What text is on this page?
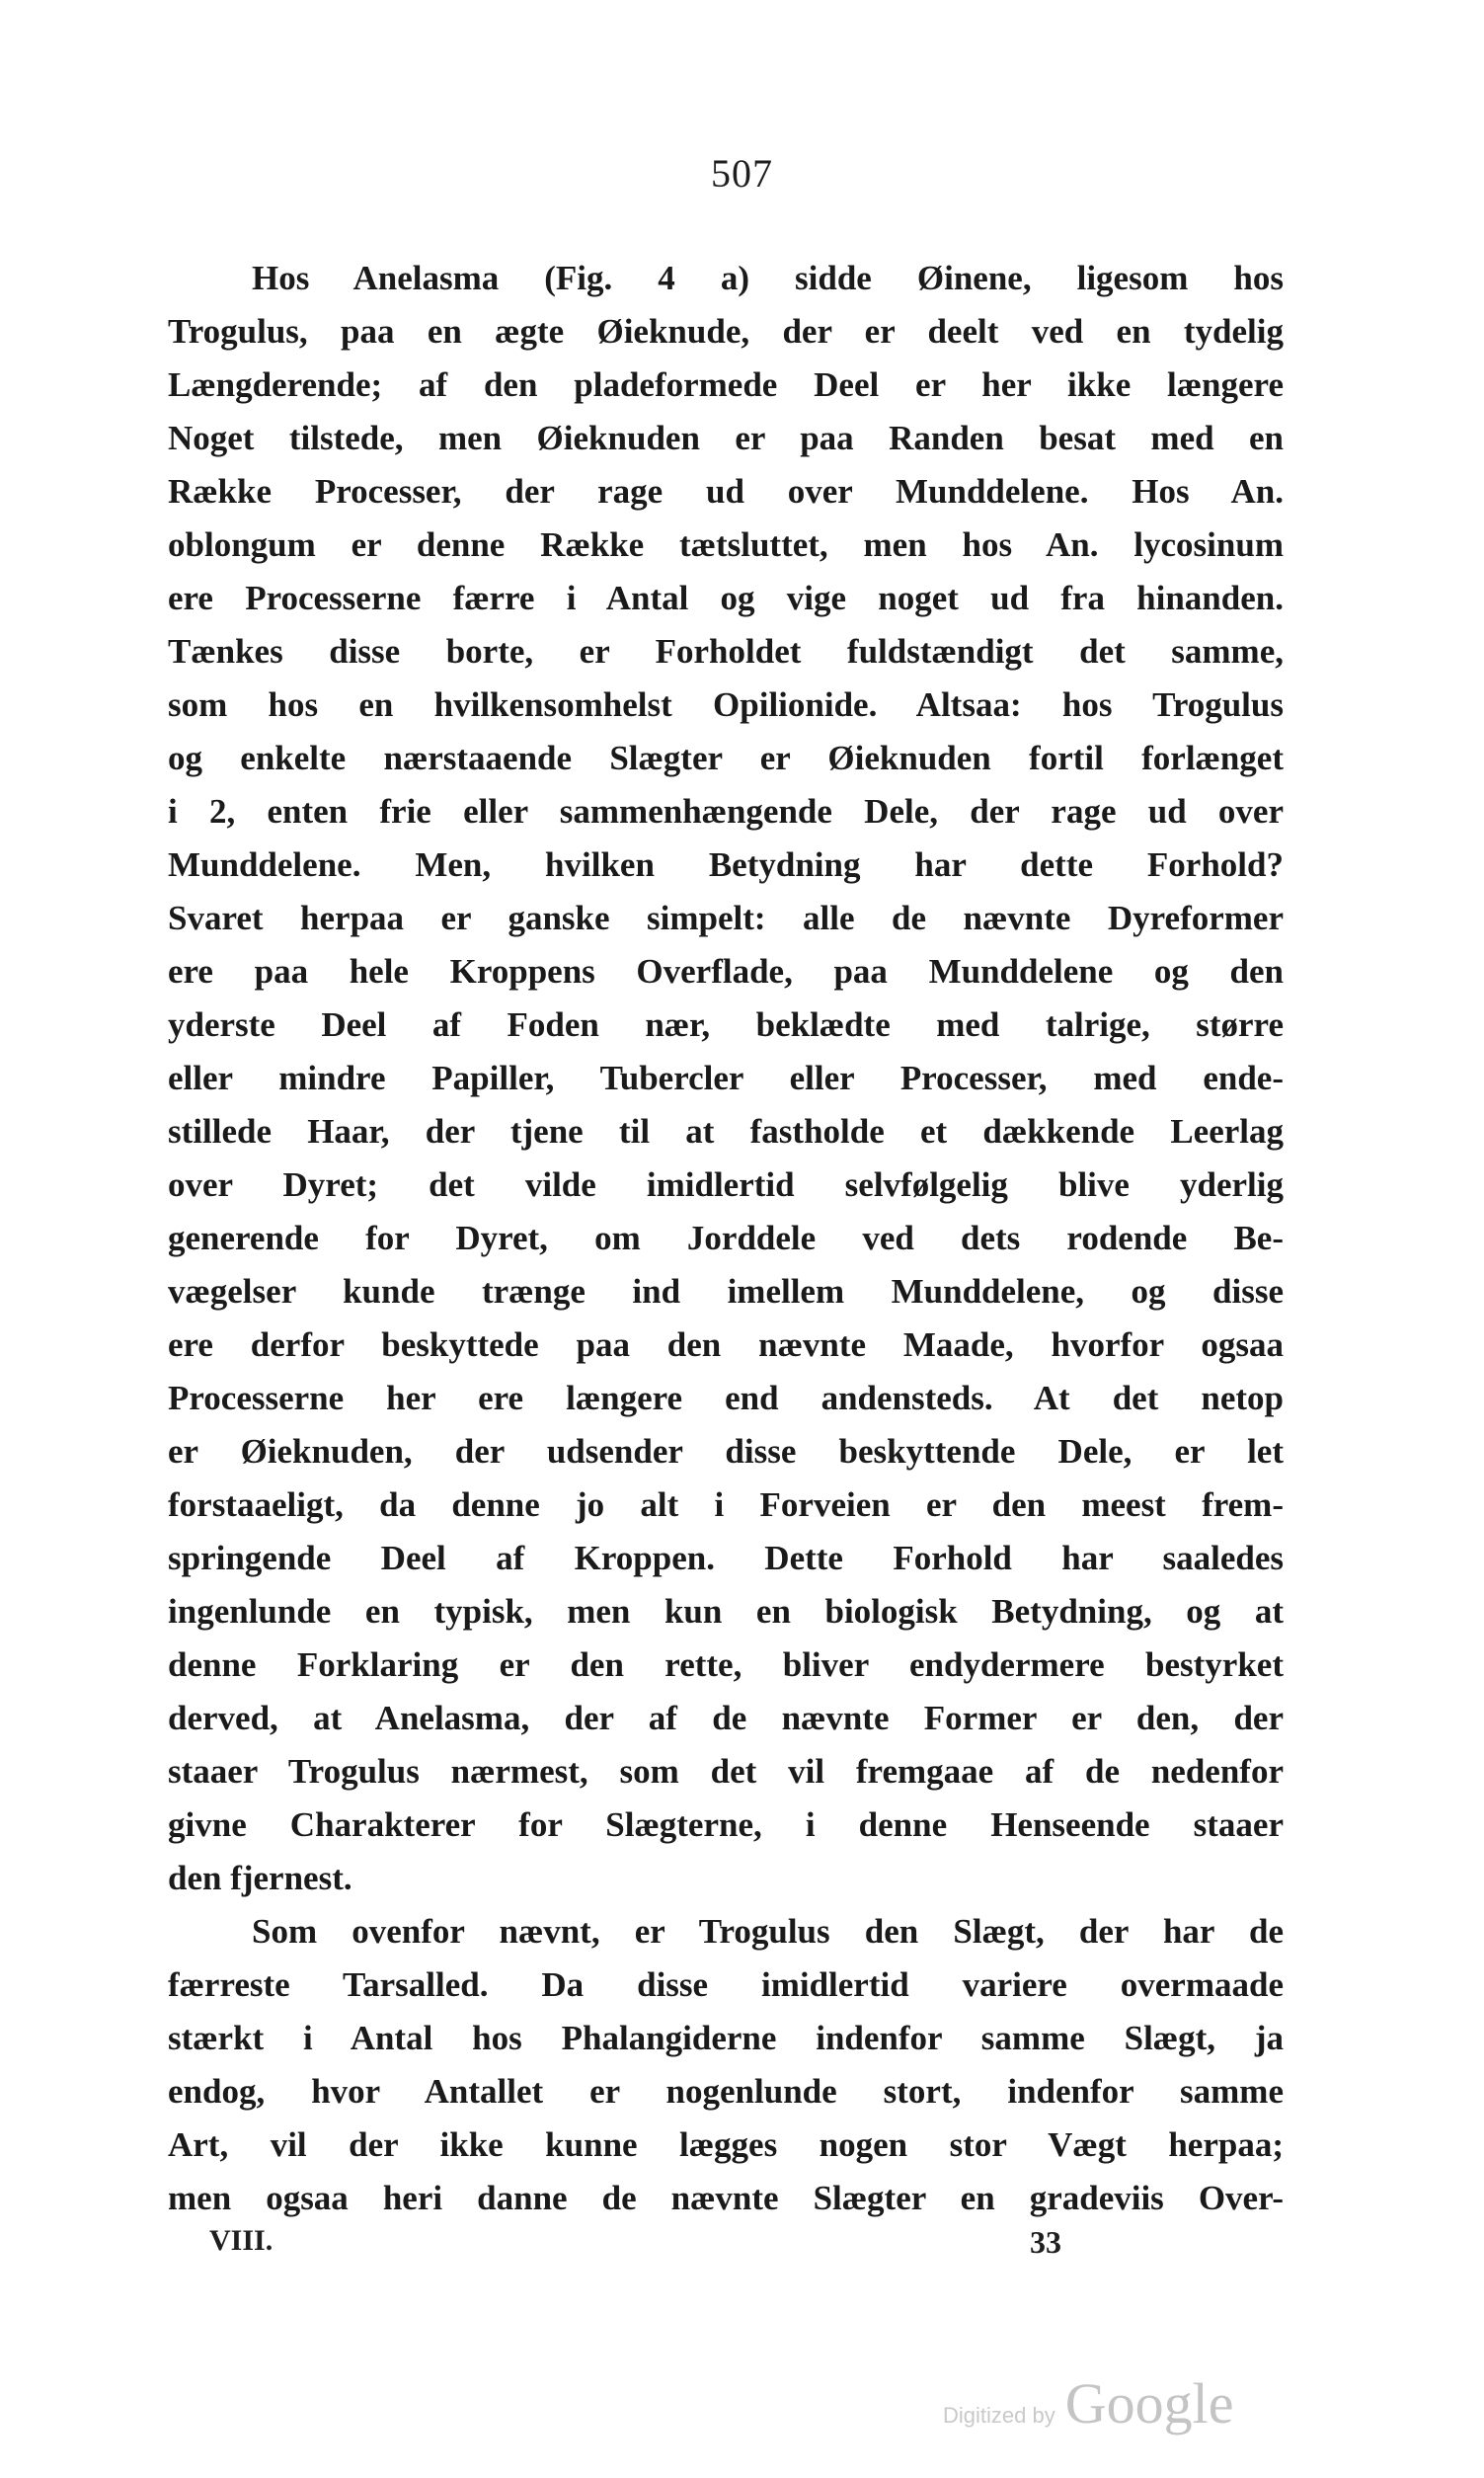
507
Hos Anelasma (Fig. 4 a) sidde Øinene, ligesom hos
Trogulus, paa en ægte Øieknude, der er deelt ved en tydelig
Længderende; af den pladeformede Deel er her ikke længere
Noget tilstede, men Øieknuden er paa Randen besat med en
Række Processer, der rage ud over Munddelene. Hos An.
oblongum er denne Række tætsluttet, men hos An. lycosinum
ere Processerne færre i Antal og vige noget ud fra hinanden.
Tænkes disse borte, er Forholdet fuldstændigt det samme,
som hos en hvilkensomhelst Opilionide. Altsaa: hos Trogulus
og enkelte nærstaaende Slægter er Øieknuden fortil forlænget
i 2, enten frie eller sammenhængende Dele, der rage ud over
Munddelene. Men, hvilken Betydning har dette Forhold?
Svaret herpaa er ganske simpelt: alle de nævnte Dyreformer
ere paa hele Kroppens Overflade, paa Munddelene og den
yderste Deel af Foden nær, beklædte med talrige, større
eller mindre Papiller, Tubercler eller Processer, med ende-
stillede Haar, der tjene til at fastholde et dækkende Leerlag
over Dyret; det vilde imidlertid selvfølgelig blive yderlig
generende for Dyret, om Jorddele ved dets rodende Be-
vægelser kunde trænge ind imellem Munddelene, og disse
ere derfor beskyttede paa den nævnte Maade, hvorfor ogsaa
Processerne her ere længere end andensteds. At det netop
er Øieknuden, der udsender disse beskyttende Dele, er let
forstaaeligt, da denne jo alt i Forveien er den meest frem-
springende Deel af Kroppen. Dette Forhold har saaledes
ingenlunde en typisk, men kun en biologisk Betydning, og at
denne Forklaring er den rette, bliver endydermere bestyrket
derved, at Anelasma, der af de nævnte Former er den, der
staaer Trogulus nærmest, som det vil fremgaae af de nedenfor
givne Charakterer for Slægterne, i denne Henseende staaer
den fjernest.
Som ovenfor nævnt, er Trogulus den Slægt, der har de
færreste Tarsalled. Da disse imidlertid variere overmaade
stærkt i Antal hos Phalangiderne indenfor samme Slægt, ja
endog, hvor Antallet er nogenlunde stort, indenfor samme
Art, vil der ikke kunne lægges nogen stor Vægt herpaa;
men ogsaa heri danne de nævnte Slægter en gradeviis Over-
VIII.	33
Digitized by Google
